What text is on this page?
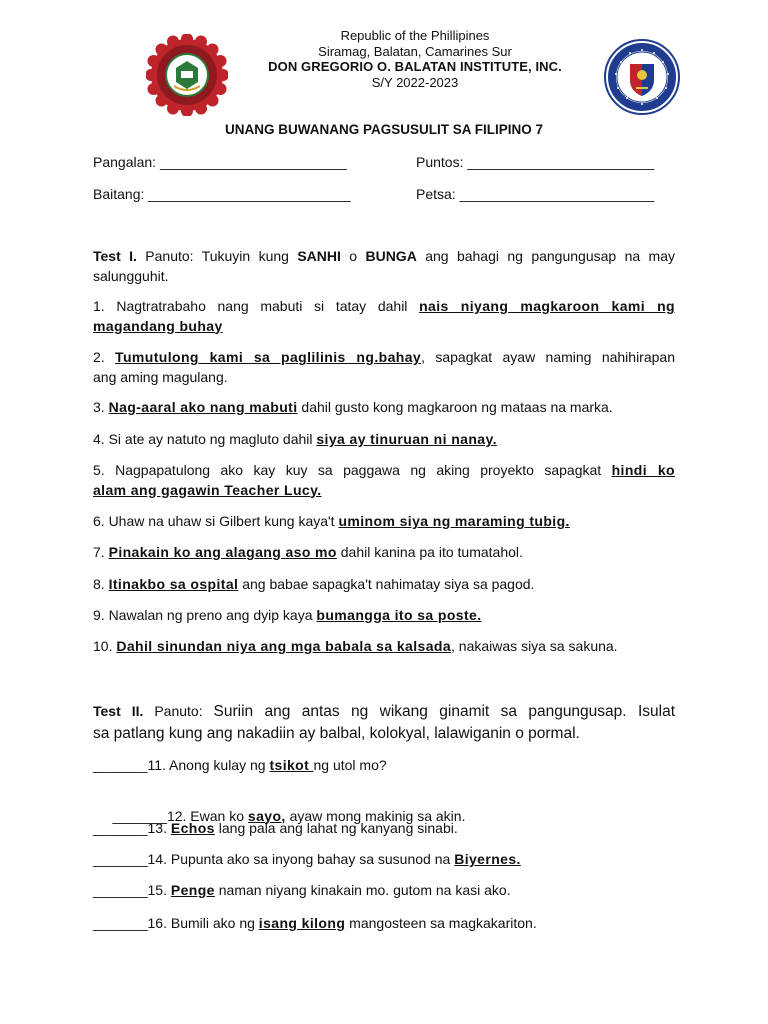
Republic of the Phillipines
Siramag, Balatan, Camarines Sur
DON GREGORIO O. BALATAN INSTITUTE, INC.
S/Y 2022-2023
UNANG BUWANANG PAGSUSULIT SA FILIPINO 7
Pangalan: ________________________	Puntos: ________________________
Baitang: __________________________	Petsa: _________________________
Test I. Panuto: Tukuyin kung SANHI o BUNGA ang bahagi ng pangungusap na may
salungguhit.
1. Nagtratrabaho nang mabuti si tatay dahil nais niyang magkaroon kami ng
magandang buhay
2. Tumutulong kami sa paglilinis ng.bahay, sapagkat ayaw naming nahihirapan
ang aming magulang.
3. Nag-aaral ako nang mabuti dahil gusto kong magkaroon ng mataas na marka.
4. Si ate ay natuto ng magluto dahil siya ay tinuruan ni nanay.
5. Nagpapatulong ako kay kuy sa paggawa ng aking proyekto sapagkat hindi ko
alam ang gagawin Teacher Lucy.
6. Uhaw na uhaw si Gilbert kung kaya't uminom siya ng maraming tubig.
7. Pinakain ko ang alagang aso mo dahil kanina pa ito tumatahol.
8. Itinakbo sa ospital ang babae sapagka't nahimatay siya sa pagod.
9. Nawalan ng preno ang dyip kaya bumangga ito sa poste.
10. Dahil sinundan niya ang mga babala sa kalsada, nakaiwas siya sa sakuna.
Test II. Panuto: Suriin ang antas ng wikang ginamit sa pangungusap. Isulat
sa patlang kung ang nakadiin ay balbal, kolokyal, lalawiganin o pormal.
_______11. Anong kulay ng tsikot ng utol mo?

_______12. Ewan ko sayo, ayaw mong makinig sa akin.

_______13. Echos lang pala ang lahat ng kanyang sinabi.
_______14. Pupunta ako sa inyong bahay sa susunod na Biyernes.
_______15. Penge naman niyang kinakain mo. gutom na kasi ako.
_______16. Bumili ako ng isang kilong mangosteen sa magkakariton.
